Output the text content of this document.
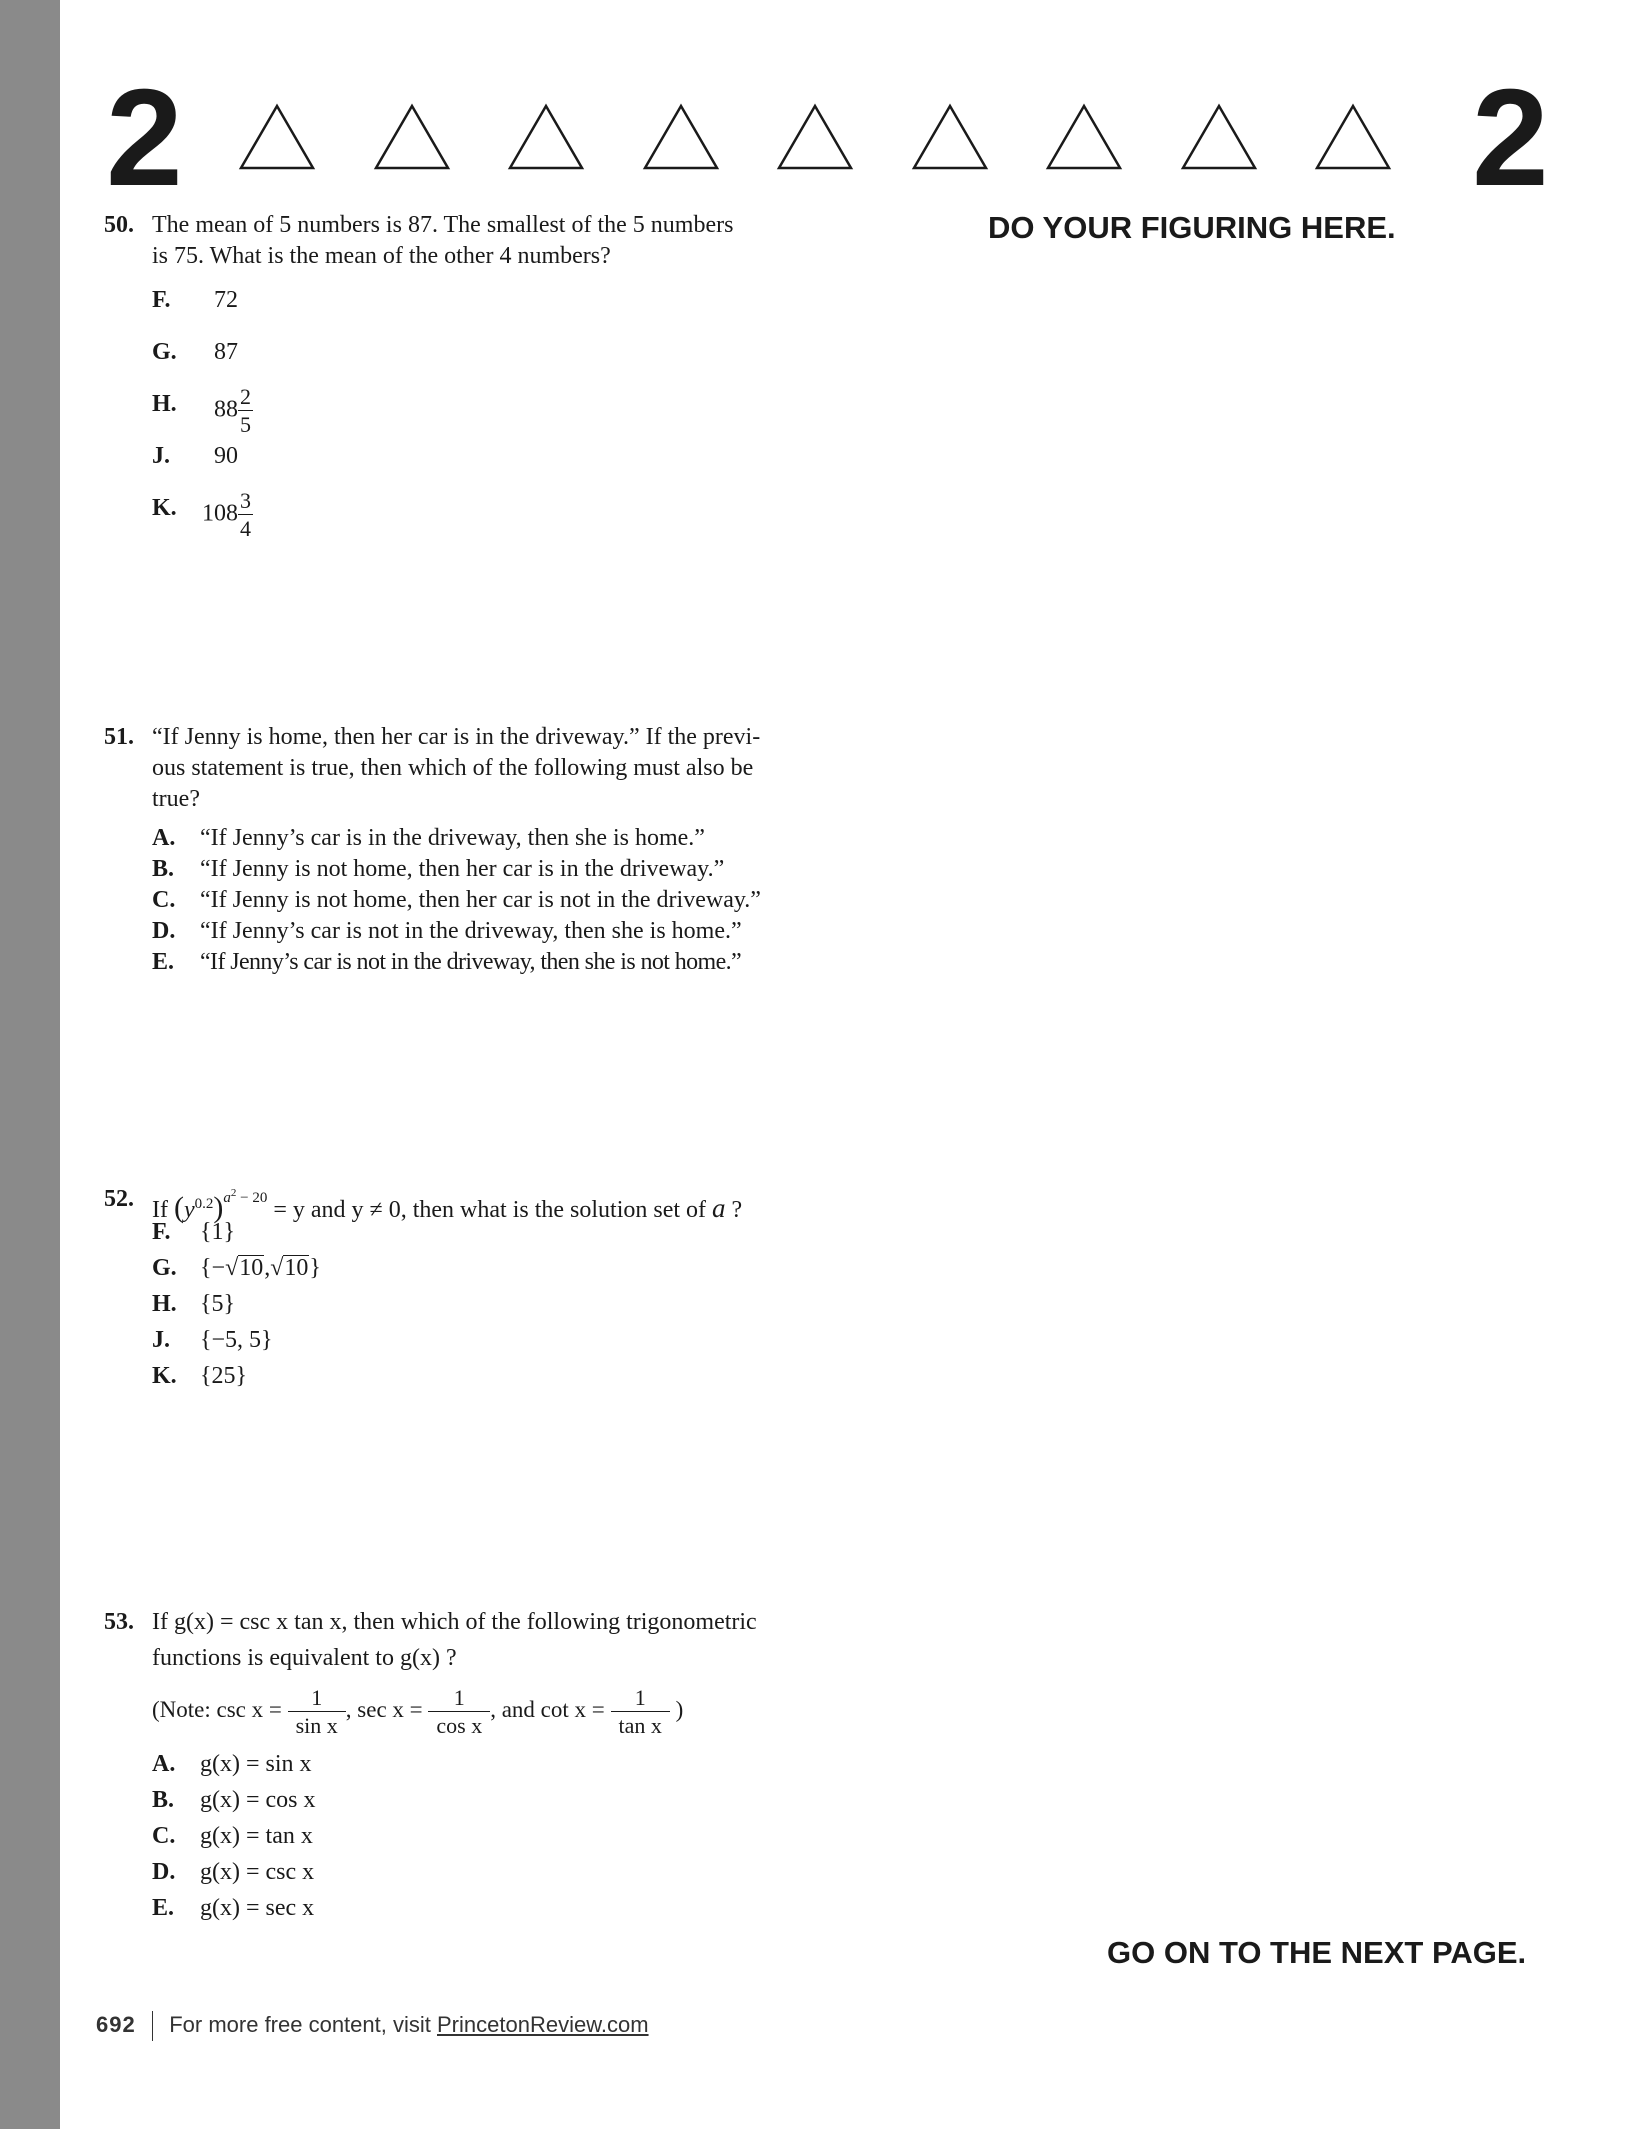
2	2
DO YOUR FIGURING HERE.
50. The mean of 5 numbers is 87. The smallest of the 5 numbers
is 75. What is the mean of the other 4 numbers?
F. 72
G. 87
H. $88 \frac{2}{5}$
J. 90
K. $108 \frac{3}{4}$
51. “If Jenny is home, then her car is in the driveway.” If the previ-
ous statement is true, then which of the following must also be
true?
A. “If Jenny’s car is in the driveway, then she is home.”
B. “If Jenny is not home, then her car is in the driveway.”
C. “If Jenny is not home, then her car is not in the driveway.”
D. “If Jenny’s car is not in the driveway, then she is home.”
E. “If Jenny’s car is not in the driveway, then she is not home.”
52. If $(y^{0.2})^{a^2 - 20} = y$ and y ≠ 0, then what is the solution set of a ?
F. {1}
G. {−√10,√10}
H. {5}
J. {−5, 5}
K. {25}
53. If g(x) = csc x tan x, then which of the following trigonometric
functions is equivalent to g(x) ?
(Note: $\csc x = \frac{1}{\text{sin x}}$ , $\sec x = \frac{1}{\text{cos x}}$ , and $\cot x = \frac{1}{\text{tan x}}$ )
A. g(x) = sin x
B. g(x) = cos x
C. g(x) = tan x
D. g(x) = csc x
E. g(x) = sec x
GO ON TO THE NEXT PAGE.
692 For more free content, visit PrincetonReview.com
